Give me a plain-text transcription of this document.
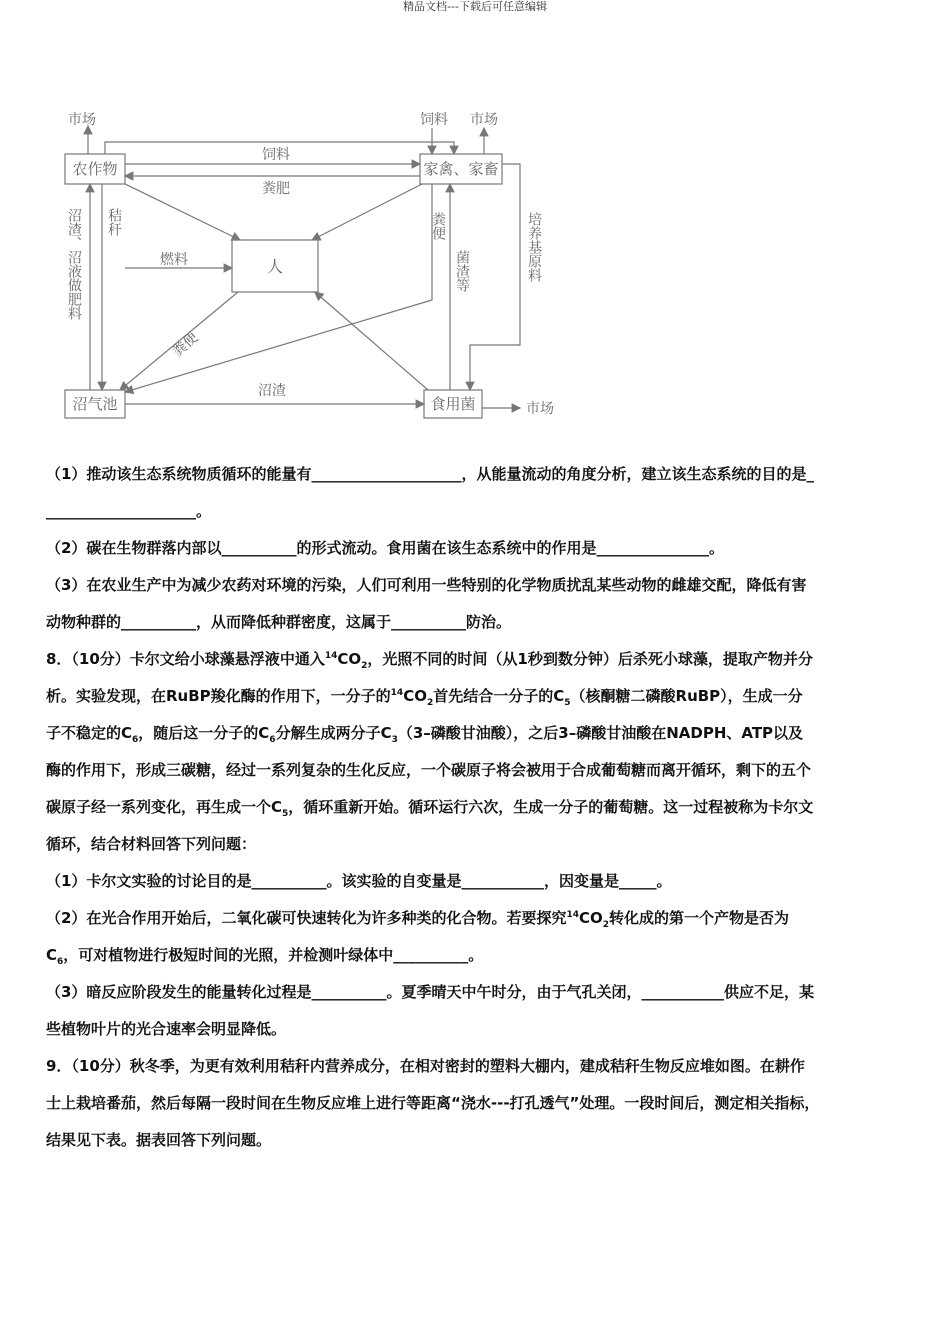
精品文档---下载后可任意编辑
农作物	家禽、家畜
人
沼气池	食用菌
市场	饲料 市场
饲料
粪肥
燃料
沼渣
市场
秸秆
沼渣、沼液做肥料	粪便
菌渣等	培养基原料
粪便

（1）推动该生态系统物质循环的能量有____________________，从能量流动的角度分析，建立该生态系统的目的是_

____________________。

（2）碳在生物群落内部以__________的形式流动。食用菌在该生态系统中的作用是_______________。

（3）在农业生产中为减少农药对环境的污染，人们可利用一些特别的化学物质扰乱某些动物的雌雄交配，降低有害

动物种群的__________，从而降低种群密度，这属于__________防治。

8．（10分）卡尔文给小球藻悬浮液中通入$^{14}CO_2$，光照不同的时间（从1秒到数分钟）后杀死小球藻，提取产物并分

析。实验发现，在RuBP羧化酶的作用下，一分子的$^{14}CO_2$首先结合一分子的$C_5$（核酮糖二磷酸RuBP），生成一分

子不稳定的$C_6$，随后这一分子的$C_6$分解生成两分子$C_3(3-$磷酸甘油酸），之后3–磷酸甘油酸在NADPH、ATP以及

酶的作用下，形成三碳糖，经过一系列复杂的生化反应，一个碳原子将会被用于合成葡萄糖而离开循环，剩下的五个

碳原子经一系列变化，再生成一个$C_5$，循环重新开始。循环运行六次，生成一分子的葡萄糖。这一过程被称为卡尔文

循环，结合材料回答下列问题：

（1）卡尔文实验的讨论目的是__________。该实验的自变量是___________，因变量是_____。

（2）在光合作用开始后，二氧化碳可快速转化为许多种类的化合物。若要探究$^{14}CO_2$转化成的第一个产物是否为

$C_6$，可对植物进行极短时间的光照，并检测叶绿体中__________。

（3）暗反应阶段发生的能量转化过程是__________。夏季晴天中午时分，由于气孔关闭，___________供应不足，某

些植物叶片的光合速率会明显降低。

9．（10分）秋冬季，为更有效利用秸秆内营养成分，在相对密封的塑料大棚内，建成秸秆生物反应堆如图。在耕作

士上栽培番茄，然后每隔一段时间在生物反应堆上进行等距离“浇水---打孔透气”处理。一段时间后，测定相关指标，

结果见下表。据表回答下列问题。
